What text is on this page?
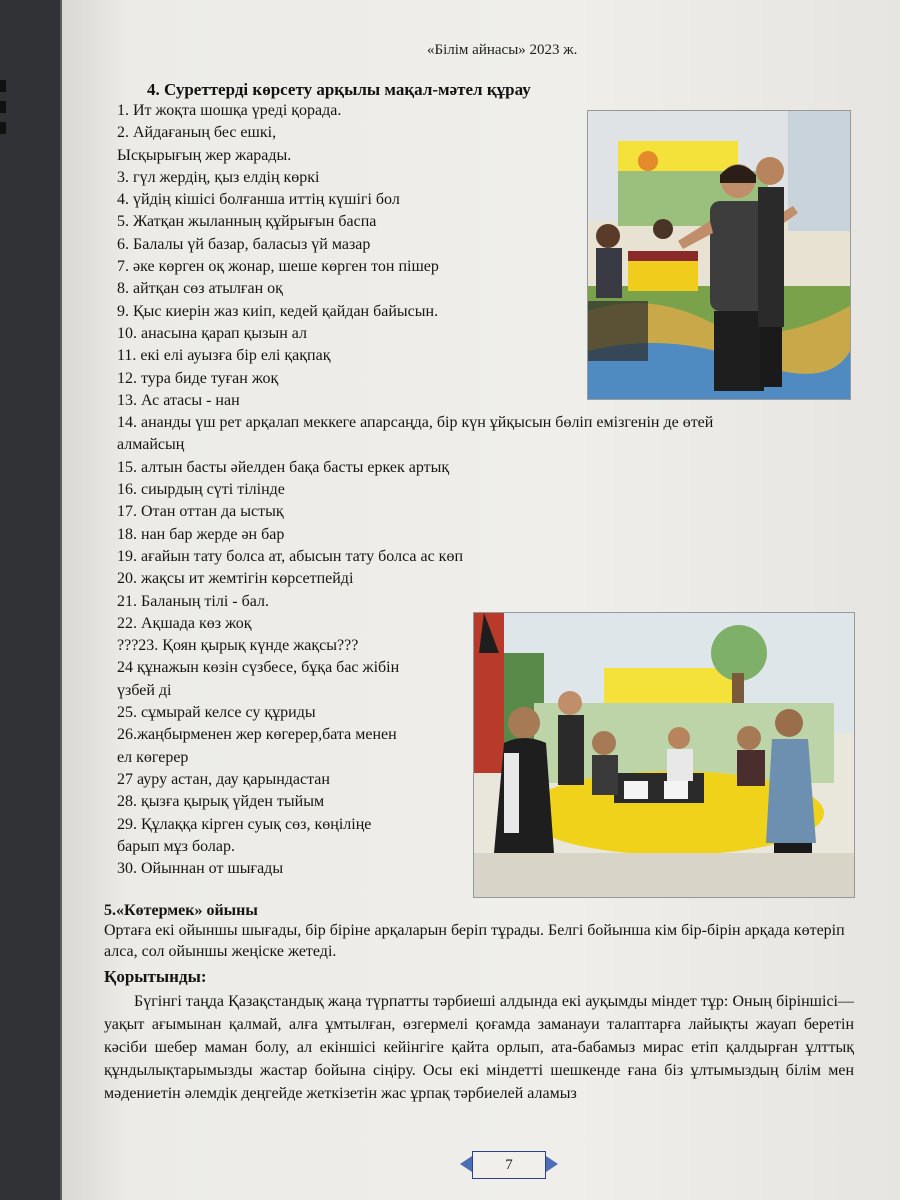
«Білім айнасы» 2023 ж.
4. Суреттерді көрсету арқылы мақал-мәтел құрау
1. Ит жоқта шошқа үреді қорада.
2. Айдағаның бес ешкі,
Ысқырығың жер жарады.
3. гүл жердің, қыз елдің көркі
4. үйдің кішісі болғанша иттің күшігі бол
5. Жатқан жыланның құйрығын баспа
6. Балалы үй базар, баласыз үй мазар
7. әке көрген оқ жонар, шеше көрген тон пішер
8. айтқан сөз атылған оқ
9. Қыс киерін жаз киіп, кедей қайдан байысын.
10. анасына қарап қызын ал
11. екі елі ауызға бір елі қақпақ
12. тура биде туған жоқ
13. Ас атасы - нан
14. ананды үш рет арқалап меккеге апарсаңда, бір күн ұйқысын бөліп емізгенін де өтей алмайсың
15. алтын басты әйелден бақа басты еркек артық
16. сиырдың сүті тілінде
17. Отан оттан да ыстық
18. нан бар жерде ән бар
19. ағайын тату болса ат, абысын тату болса ас көп
20. жақсы ит жемтігін көрсетпейді
21. Баланың тілі - бал.
22. Ақшада көз жоқ
???23. Қоян қырық күнде жақсы???
24 құнажын көзін сүзбесе, бұқа бас жібін
үзбей ді
25. сұмырай келсе су құриды
26.жаңбырменен жер көгерер,бата менен
ел көгерер
27 ауру астан, дау қарындастан
28. қызға қырық үйден тыйым
29. Құлаққа кірген суық сөз, көңіліңе
барып мұз болар.
30. Ойыннан от шығады
5.«Көтермек» ойыны
Ортаға екі ойыншы шығады, бір біріне арқаларын беріп тұрады. Белгі бойынша кім бір-бірін арқада көтеріп алса, сол ойыншы жеңіске жетеді.
Қорытынды:
Бүгінгі таңда Қазақстандық жаңа түрпатты тәрбиеші алдында екі ауқымды міндет тұр: Оның біріншісі—уақыт ағымынан қалмай, алға ұмтылған, өзгермелі қоғамда заманауи талаптарға лайықты жауап беретін кәсіби шебер маман болу, ал екіншісі кейінгіге қайта орлып, ата-бабамыз мирас етіп қалдырған ұлттық құндылықтарымызды жастар бойына сіңіру. Осы екі міндетті шешкенде ғана біз ұлтымыздың білім мен мәдениетін әлемдік деңгейде жеткізетін жас ұрпақ тәрбиелей аламыз
7
